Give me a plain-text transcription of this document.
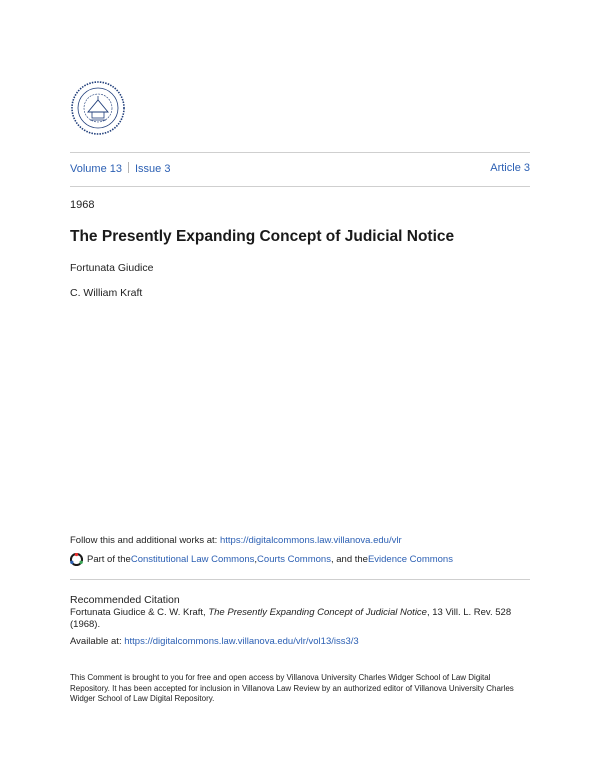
Volume 13 Issue 3	Article 3
1968
The Presently Expanding Concept of Judicial Notice
Fortunata Giudice
C. William Kraft
Follow this and additional works at: https://digitalcommons.law.villanova.edu/vlr
Part of the Constitutional Law Commons , Courts Commons , and the Evidence Commons
Recommended Citation
Fortunata Giudice & C. W. Kraft, The Presently Expanding Concept of Judicial Notice, 13 Vill. L. Rev. 528 (1968).
Available at: https://digitalcommons.law.villanova.edu/vlr/vol13/iss3/3
This Comment is brought to you for free and open access by Villanova University Charles Widger School of Law Digital Repository. It has been accepted for inclusion in Villanova Law Review by an authorized editor of Villanova University Charles Widger School of Law Digital Repository.
